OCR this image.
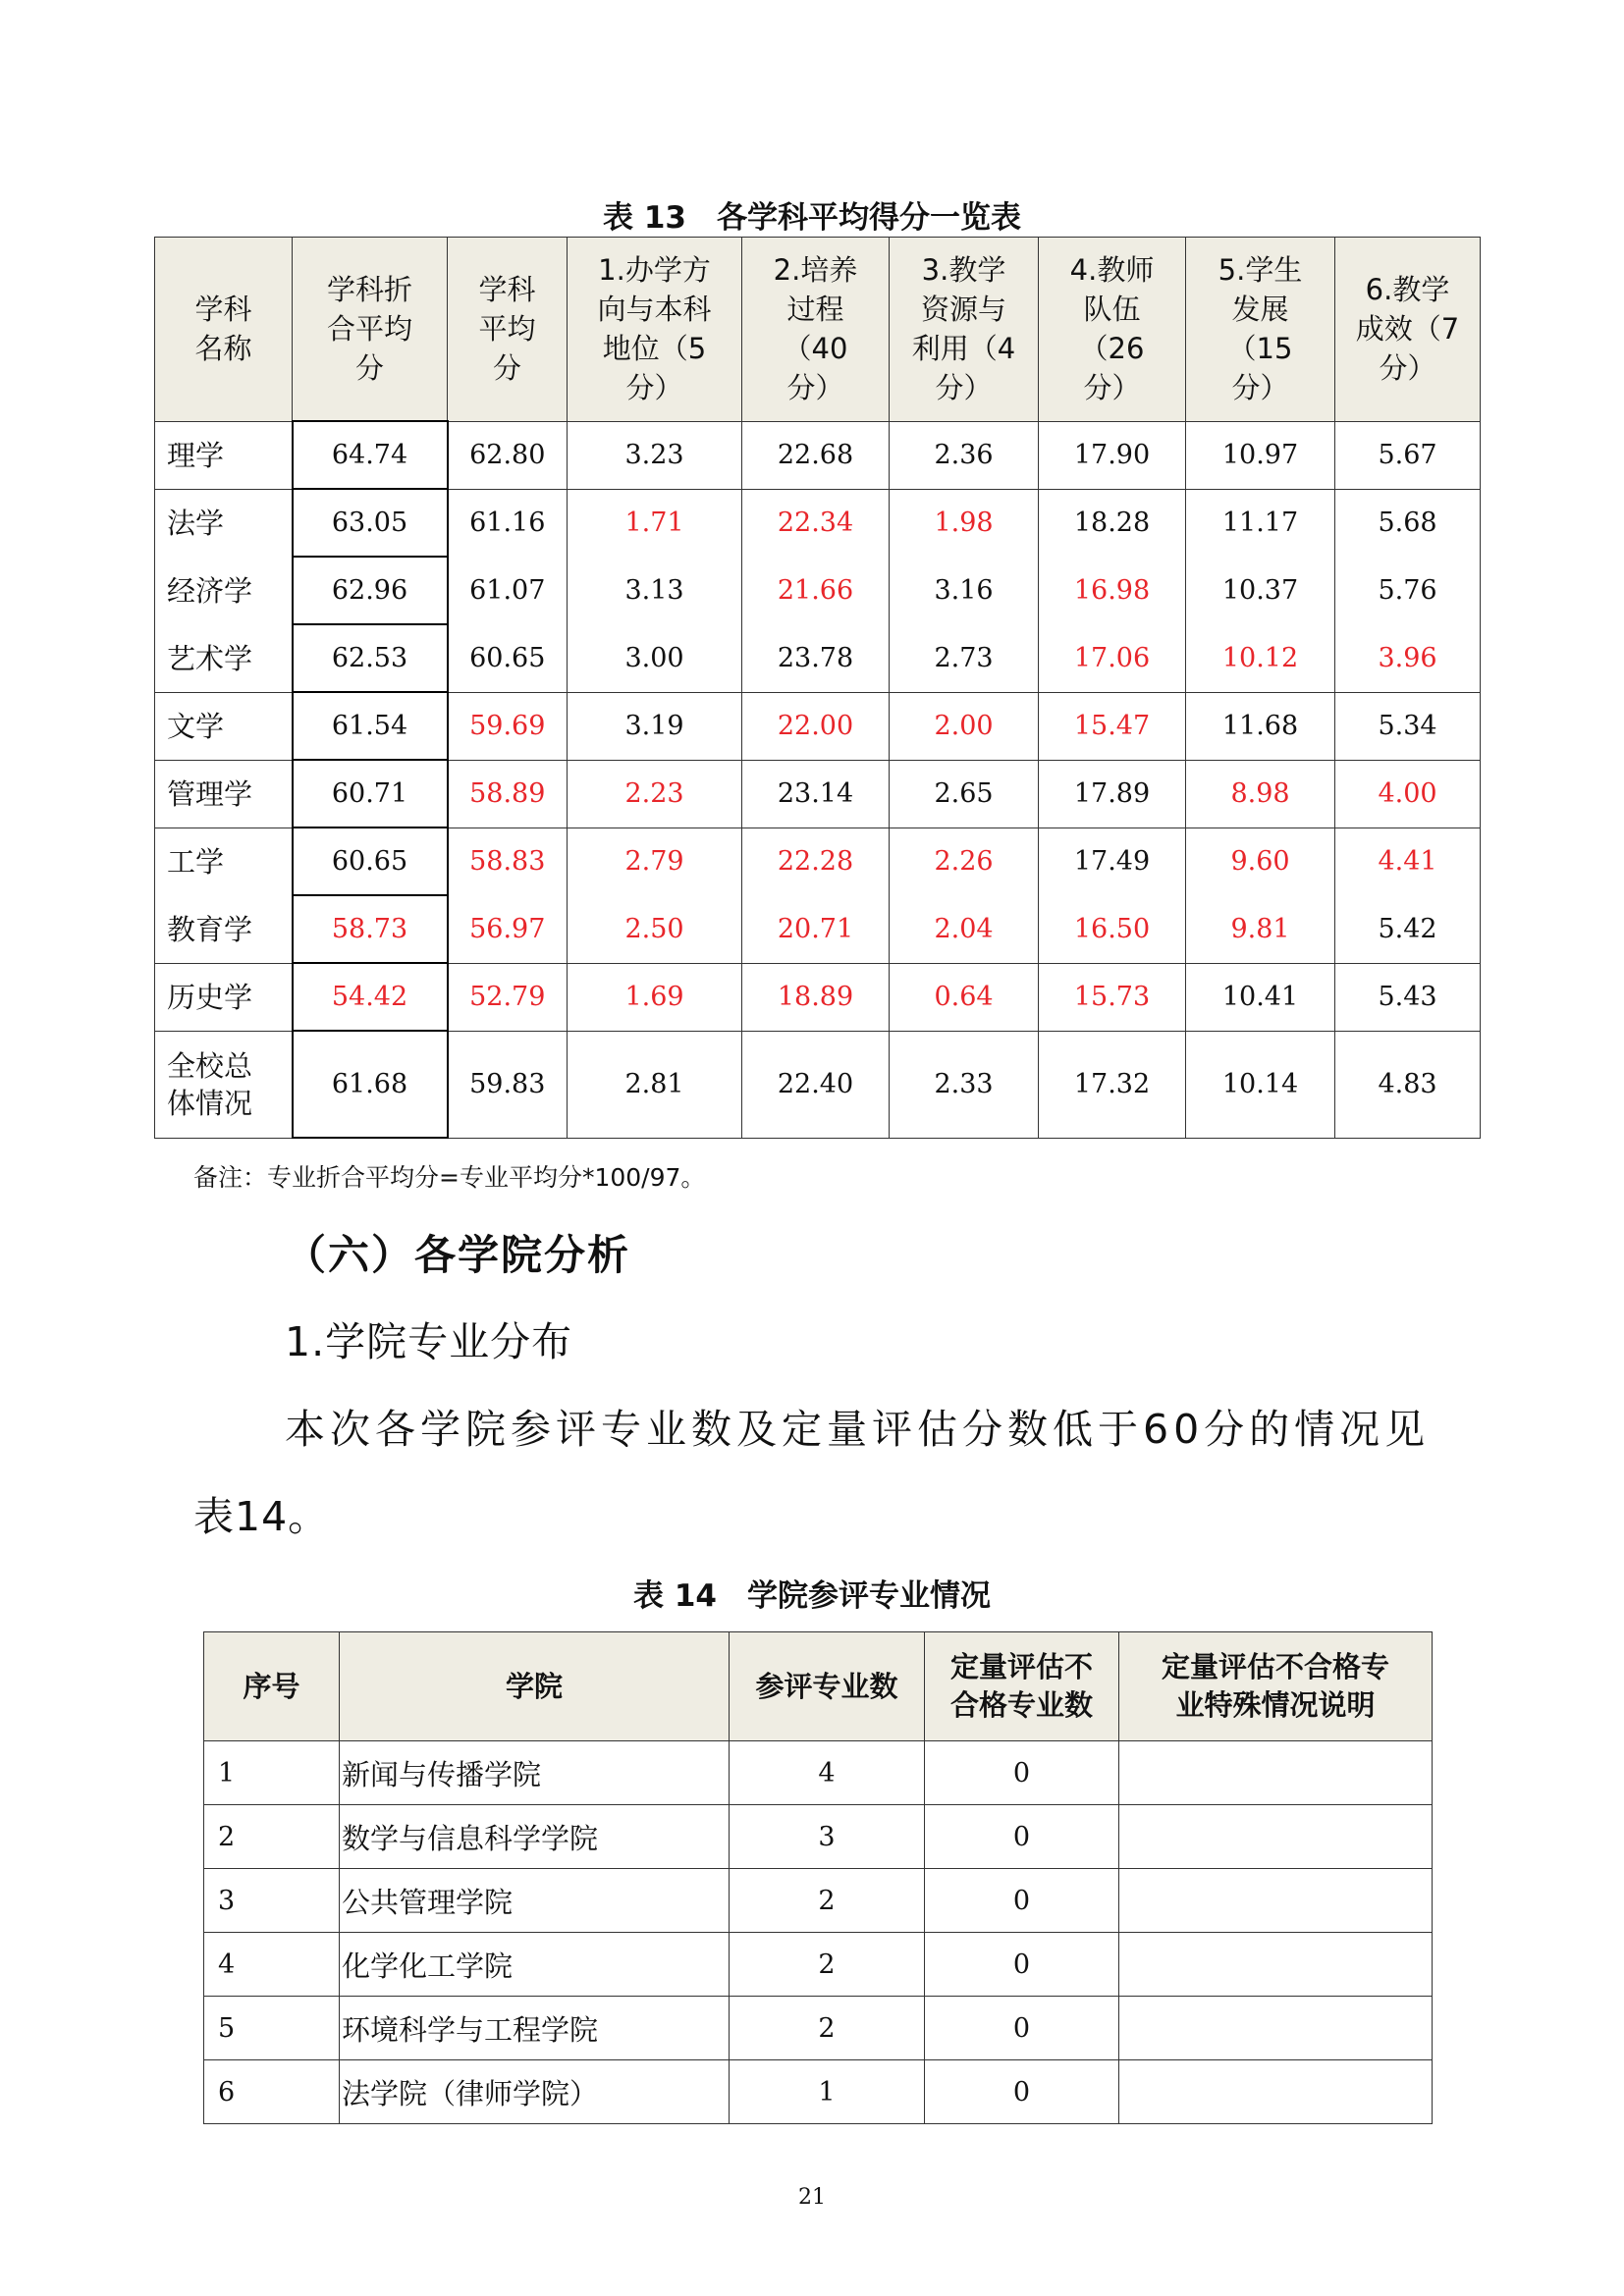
表 13　各学科平均得分一览表
学科
名称	学科折
合平均
分	学科
平均
分	1.办学方
向与本科
地位（5
分）	2.培养
过程
（40
分）	3.教学
资源与
利用（4
分）	4.教师
队伍
（26
分）	5.学生
发展
（15
分）	6.教学
成效（7
分）
理学	64.74	62.80	3.23	22.68	2.36	17.90	10.97	5.67
法学	63.05	61.16	1.71	22.34	1.98	18.28	11.17	5.68
经济学	62.96	61.07	3.13	21.66	3.16	16.98	10.37	5.76
艺术学	62.53	60.65	3.00	23.78	2.73	17.06	10.12	3.96
文学	61.54	59.69	3.19	22.00	2.00	15.47	11.68	5.34
管理学	60.71	58.89	2.23	23.14	2.65	17.89	8.98	4.00
工学	60.65	58.83	2.79	22.28	2.26	17.49	9.60	4.41
教育学	58.73	56.97	2.50	20.71	2.04	16.50	9.81	5.42
历史学	54.42	52.79	1.69	18.89	0.64	15.73	10.41	5.43
全校总
体情况	61.68	59.83	2.81	22.40	2.33	17.32	10.14	4.83
备注：专业折合平均分=专业平均分*100/97。
（六）各学院分析
1.学院专业分布
本次各学院参评专业数及定量评估分数低于60分的情况见
表14。
表 14　学院参评专业情况
序号	学院	参评专业数	定量评估不
合格专业数	定量评估不合格专
业特殊情况说明
1	新闻与传播学院	4	0	
2	数学与信息科学学院	3	0	
3	公共管理学院	2	0	
4	化学化工学院	2	0	
5	环境科学与工程学院	2	0	
6	法学院（律师学院）	1	0	
21
